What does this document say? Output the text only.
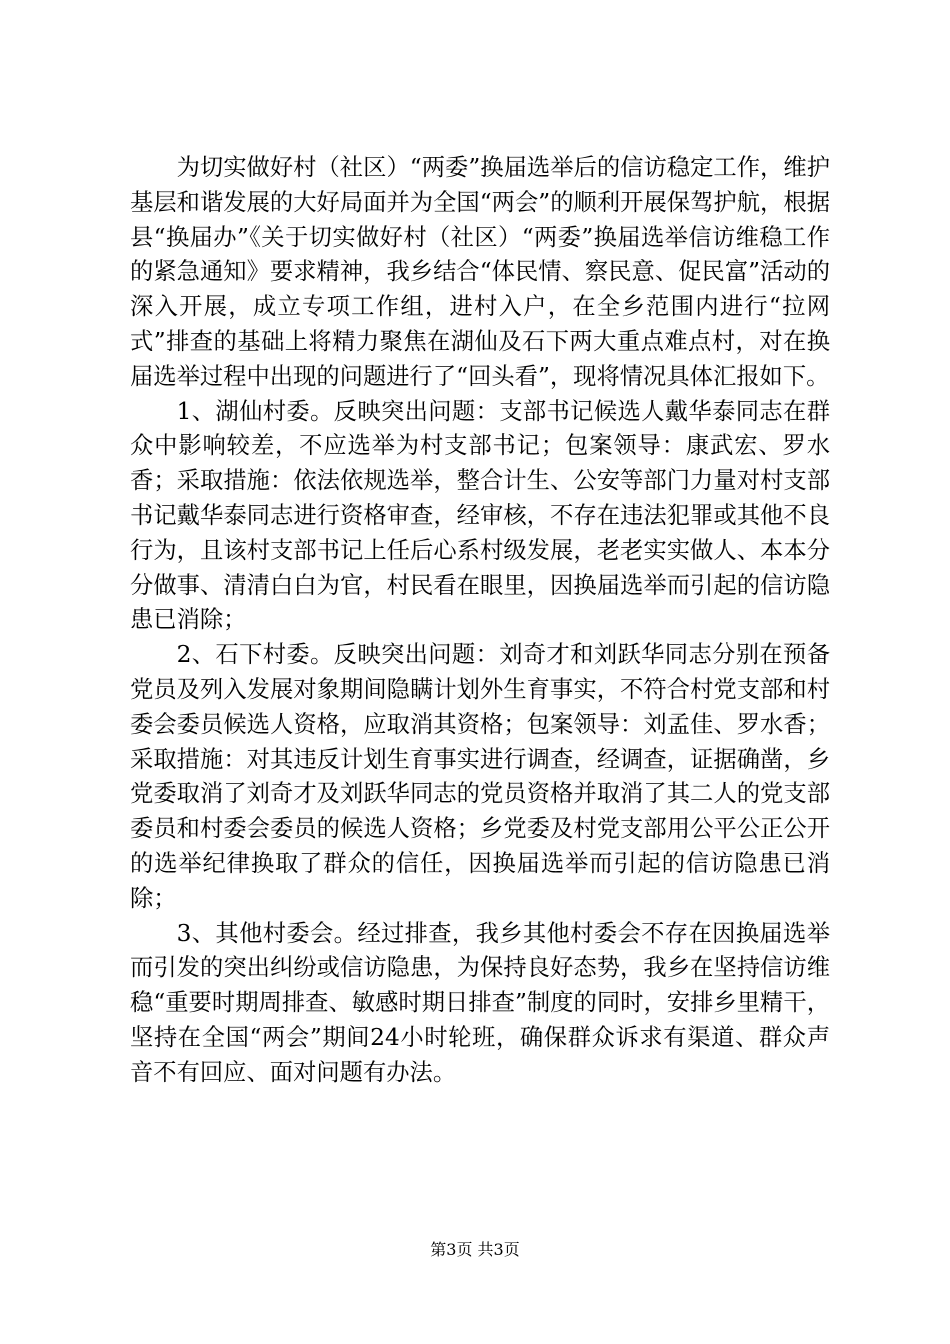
为切实做好村（社区）“两委”换届选举后的信访稳定工作，维护基层和谐发展的大好局面并为全国“两会”的顺利开展保驾护航，根据县“换届办”《关于切实做好村（社区）“两委”换届选举信访维稳工作的紧急通知》要求精神，我乡结合“体民情、察民意、促民富”活动的深入开展，成立专项工作组，进村入户，在全乡范围内进行“拉网式”排查的基础上将精力聚焦在湖仙及石下两大重点难点村，对在换届选举过程中出现的问题进行了“回头看”，现将情况具体汇报如下。

1、湖仙村委。反映突出问题：支部书记候选人戴华泰同志在群众中影响较差，不应选举为村支部书记；包案领导：康武宏、罗水香；采取措施：依法依规选举，整合计生、公安等部门力量对村支部书记戴华泰同志进行资格审查，经审核，不存在违法犯罪或其他不良行为，且该村支部书记上任后心系村级发展，老老实实做人、本本分分做事、清清白白为官，村民看在眼里，因换届选举而引起的信访隐患已消除；

2、石下村委。反映突出问题：刘奇才和刘跃华同志分别在预备党员及列入发展对象期间隐瞒计划外生育事实，不符合村党支部和村委会委员候选人资格，应取消其资格；包案领导：刘孟佳、罗水香；采取措施：对其违反计划生育事实进行调查，经调查，证据确凿，乡党委取消了刘奇才及刘跃华同志的党员资格并取消了其二人的党支部委员和村委会委员的候选人资格；乡党委及村党支部用公平公正公开的选举纪律换取了群众的信任，因换届选举而引起的信访隐患已消除；

3、其他村委会。经过排查，我乡其他村委会不存在因换届选举而引发的突出纠纷或信访隐患，为保持良好态势，我乡在坚持信访维稳“重要时期周排查、敏感时期日排查”制度的同时，安排乡里精干，坚持在全国“两会”期间24小时轮班，确保群众诉求有渠道、群众声音不有回应、面对问题有办法。

第3页 共3页
